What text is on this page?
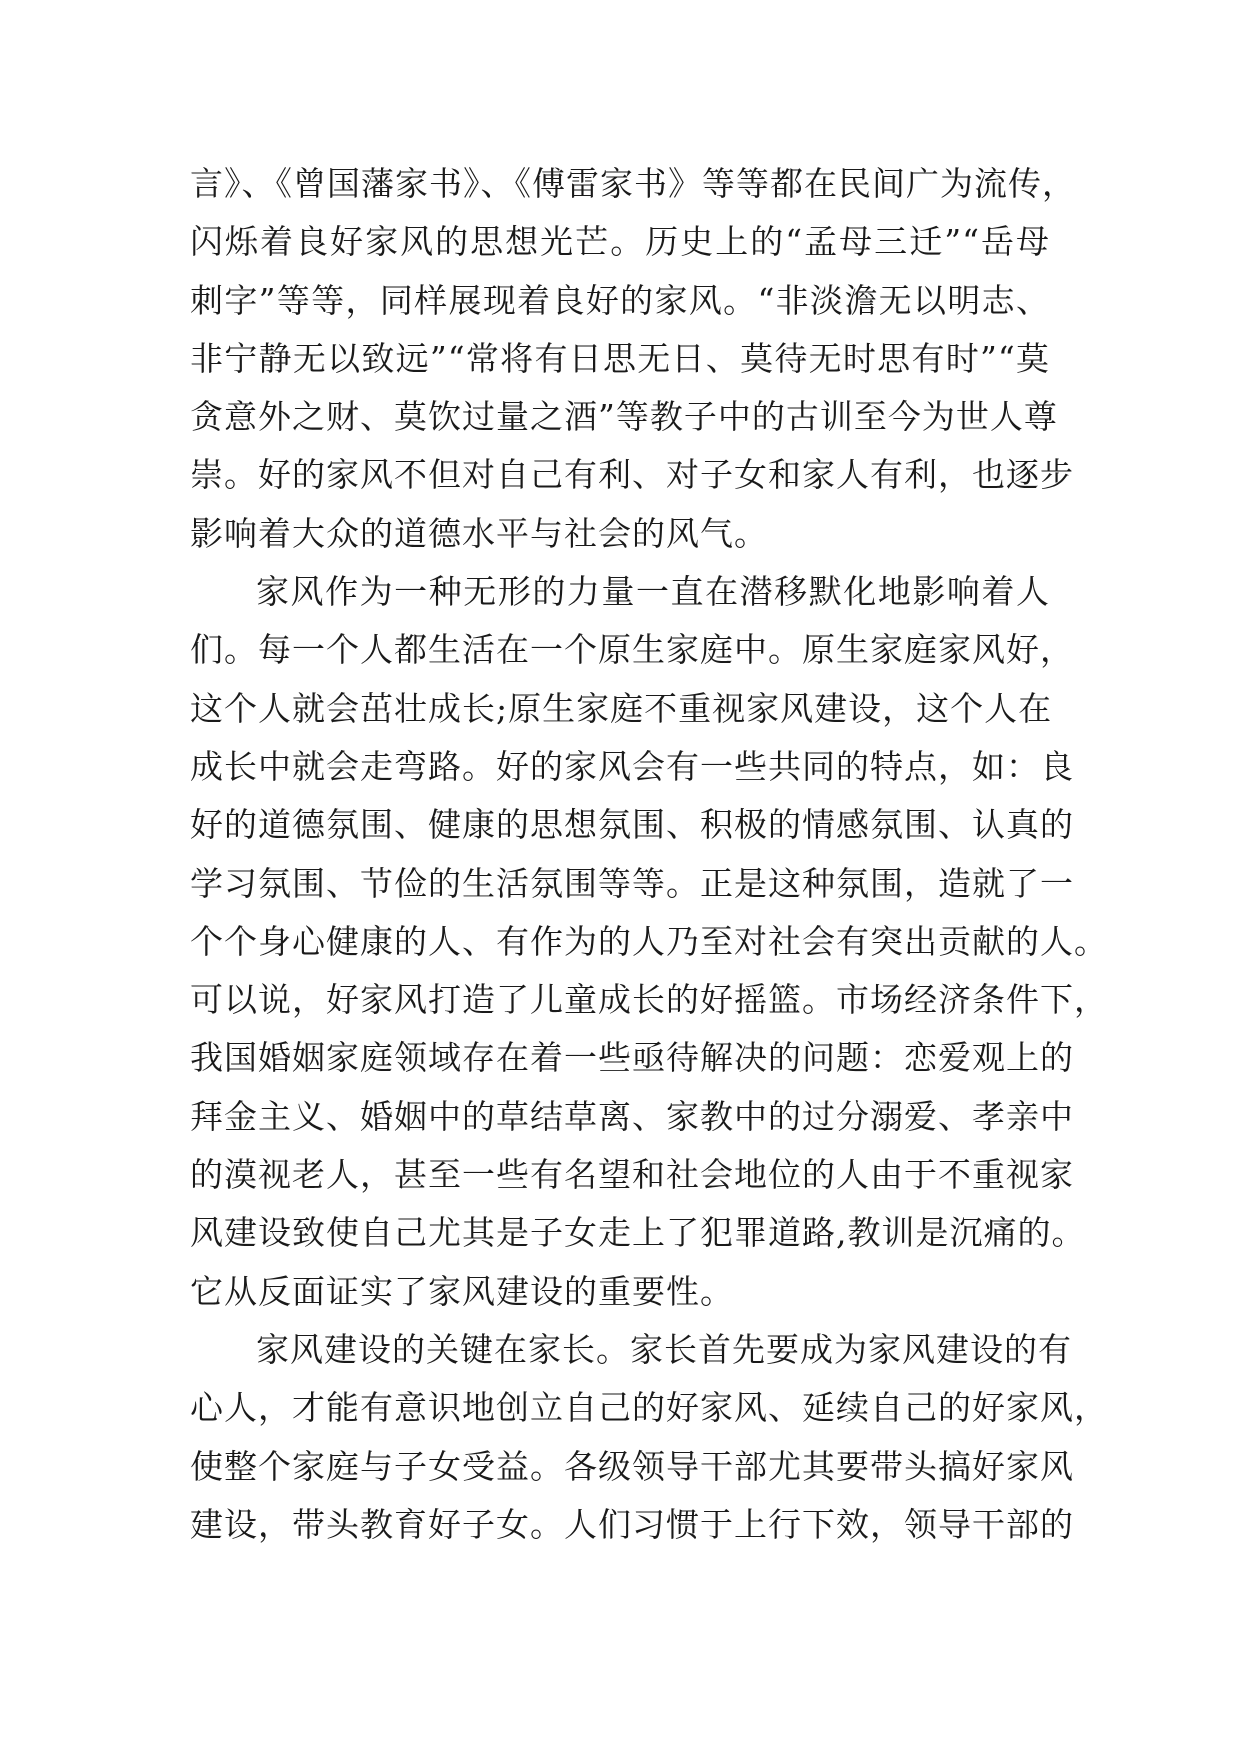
言》、《曾国藩家书》、《傅雷家书》等等都在民间广为流传，
闪烁着良好家风的思想光芒。历史上的“孟母三迁”“岳母
刺字”等等，同样展现着良好的家风。“非淡澹无以明志、
非宁静无以致远”“常将有日思无日、莫待无时思有时”“莫
贪意外之财、莫饮过量之酒”等教子中的古训至今为世人尊
崇。好的家风不但对自己有利、对子女和家人有利，也逐步
影响着大众的道德水平与社会的风气。
家风作为一种无形的力量一直在潜移默化地影响着人
们。每一个人都生活在一个原生家庭中。原生家庭家风好，
这个人就会茁壮成长;原生家庭不重视家风建设，这个人在
成长中就会走弯路。好的家风会有一些共同的特点，如：良
好的道德氛围、健康的思想氛围、积极的情感氛围、认真的
学习氛围、节俭的生活氛围等等。正是这种氛围，造就了一
个个身心健康的人、有作为的人乃至对社会有突出贡献的人。
可以说，好家风打造了儿童成长的好摇篮。市场经济条件下，
我国婚姻家庭领域存在着一些亟待解决的问题：恋爱观上的
拜金主义、婚姻中的草结草离、家教中的过分溺爱、孝亲中
的漠视老人，甚至一些有名望和社会地位的人由于不重视家
风建设致使自己尤其是子女走上了犯罪道路,教训是沉痛的。
它从反面证实了家风建设的重要性。
家风建设的关键在家长。家长首先要成为家风建设的有
心人，才能有意识地创立自己的好家风、延续自己的好家风，
使整个家庭与子女受益。各级领导干部尤其要带头搞好家风
建设，带头教育好子女。人们习惯于上行下效，领导干部的
